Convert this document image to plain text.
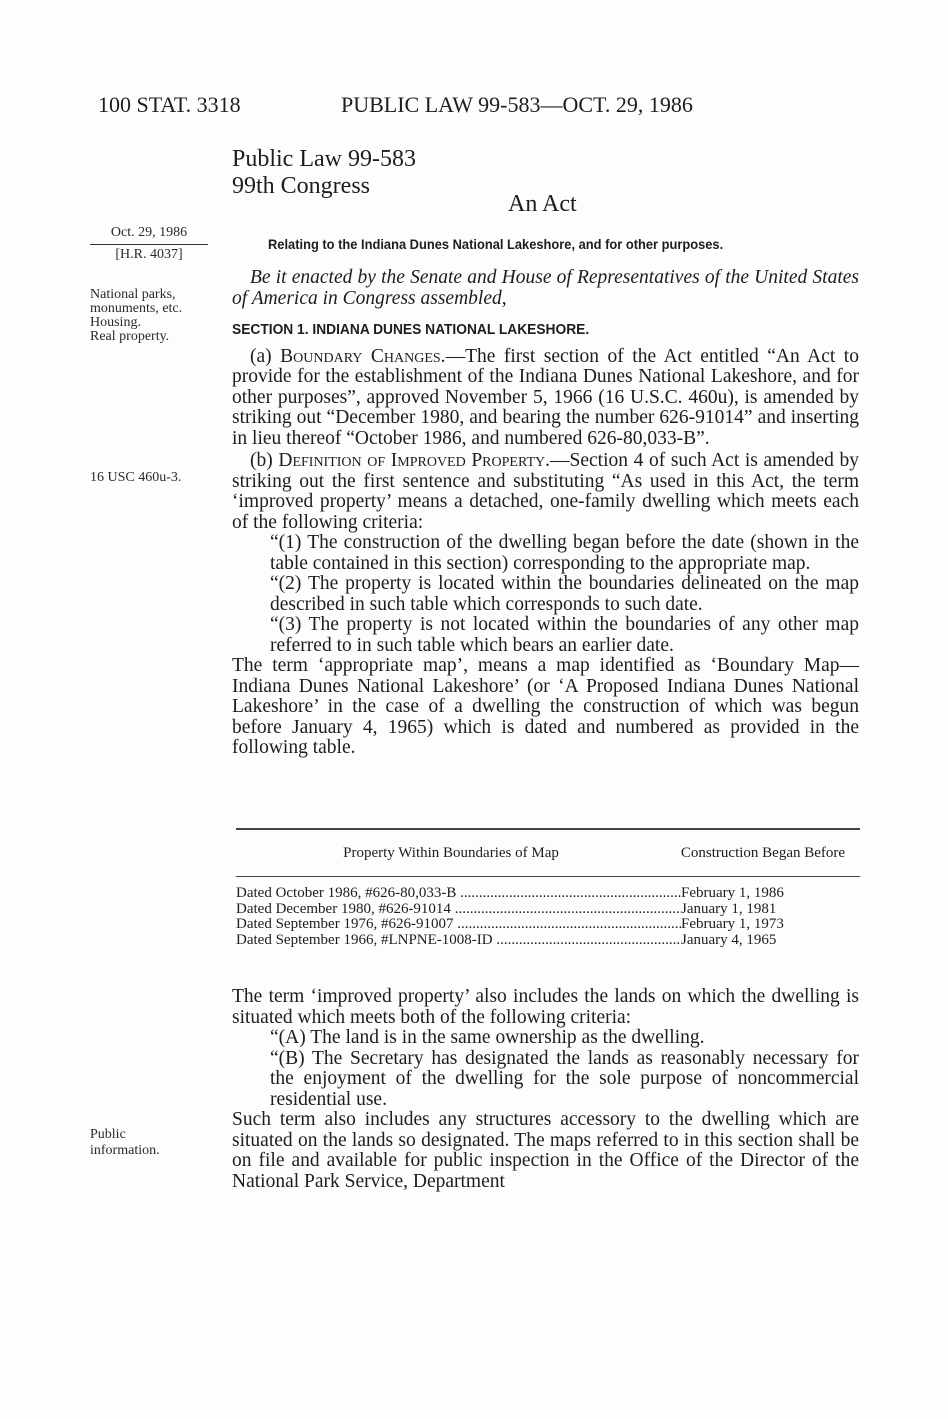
100 STAT. 3318	PUBLIC LAW 99-583—OCT. 29, 1986
Public Law 99-583
99th Congress
An Act
Relating to the Indiana Dunes National Lakeshore, and for other purposes.
Oct. 29, 1986
[H.R. 4037]
National parks,
monuments, etc.
Housing.
Real property.
16 USC 460u-3.
Public
information.

Be it enacted by the Senate and House of Representatives of the United States of America in Congress assembled,

SECTION 1. INDIANA DUNES NATIONAL LAKESHORE.

(a) Boundary Changes.—The first section of the Act entitled “An Act to provide for the establishment of the Indiana Dunes National Lakeshore, and for other purposes”, approved November 5, 1966 (16 U.S.C. 460u), is amended by striking out “December 1980, and bearing the number 626-91014” and inserting in lieu thereof “October 1986, and numbered 626-80,033-B”.

(b) Definition of Improved Property.—Section 4 of such Act is amended by striking out the first sentence and substituting “As used in this Act, the term ‘improved property’ means a detached, one-family dwelling which meets each of the following criteria:

“(1) The construction of the dwelling began before the date (shown in the table contained in this section) corresponding to the appropriate map.

“(2) The property is located within the boundaries delineated on the map described in such table which corresponds to such date.

“(3) The property is not located within the boundaries of any other map referred to in such table which bears an earlier date.

The term ‘appropriate map’, means a map identified as ‘Boundary Map—Indiana Dunes National Lakeshore’ (or ‘A Proposed Indiana Dunes National Lakeshore’ in the case of a dwelling the construction of which was begun before January 4, 1965) which is dated and numbered as provided in the following table.

Property Within Boundaries of Map	Construction Began Before
Dated October 1986, #626-80,033-B .....	February 1, 1986
Dated December 1980, #626-91014 .....	January 1, 1981
Dated September 1976, #626-91007 .....	February 1, 1973
Dated September 1966, #LNPNE-1008-ID .....	January 4, 1965

The term ‘improved property’ also includes the lands on which the dwelling is situated which meets both of the following criteria:

“(A) The land is in the same ownership as the dwelling.

“(B) The Secretary has designated the lands as reasonably necessary for the enjoyment of the dwelling for the sole purpose of noncommercial residential use.

Such term also includes any structures accessory to the dwelling which are situated on the lands so designated. The maps referred to in this section shall be on file and available for public inspection in the Office of the Director of the National Park Service, Department
